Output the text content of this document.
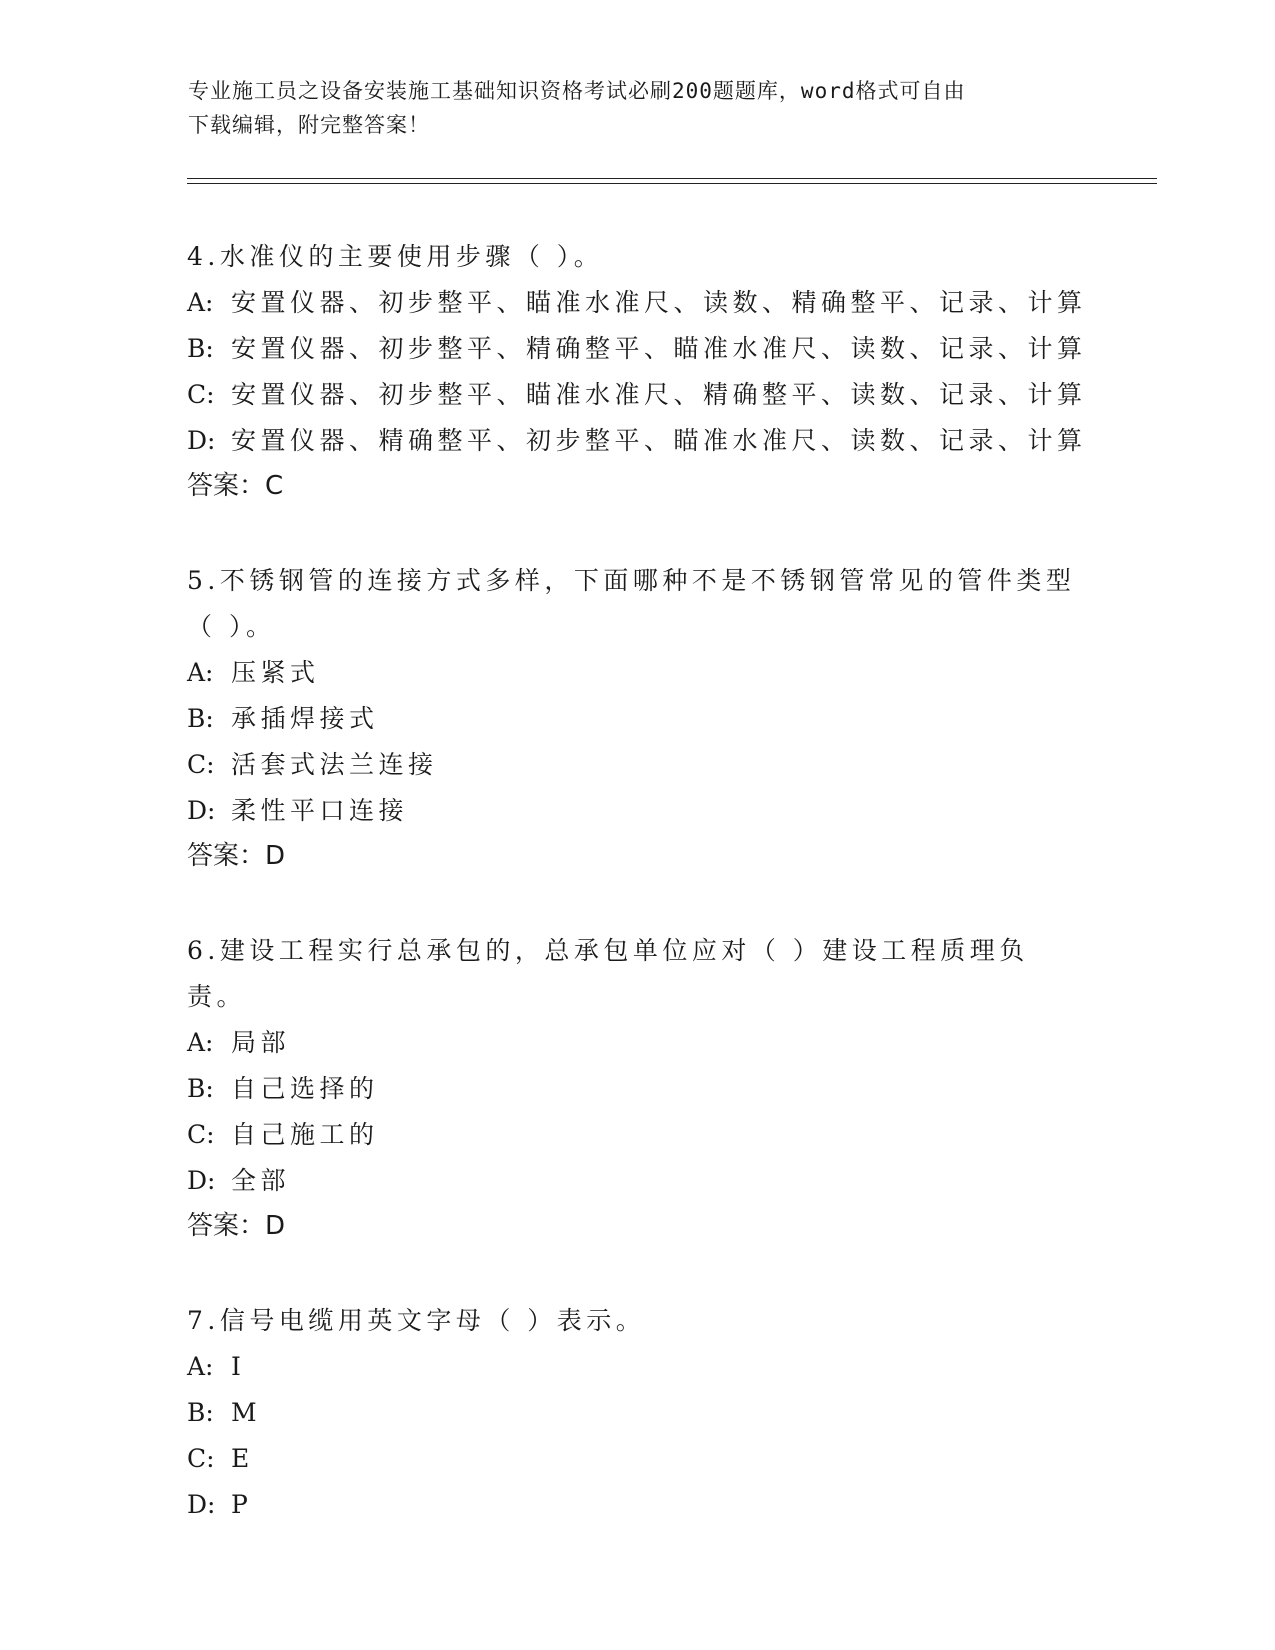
专业施工员之设备安装施工基础知识资格考试必刷200题题库，word格式可自由
下载编辑，附完整答案！
4.水准仪的主要使用步骤（ ）。
A: 安置仪器、初步整平、瞄准水准尺、读数、精确整平、记录、计算
B: 安置仪器、初步整平、精确整平、瞄准水准尺、读数、记录、计算
C: 安置仪器、初步整平、瞄准水准尺、精确整平、读数、记录、计算
D: 安置仪器、精确整平、初步整平、瞄准水准尺、读数、记录、计算
答案：C
5.不锈钢管的连接方式多样，下面哪种不是不锈钢管常见的管件类型
（ ）。
A: 压紧式
B: 承插焊接式
C: 活套式法兰连接
D: 柔性平口连接
答案：D
6.建设工程实行总承包的，总承包单位应对（ ）建设工程质理负责。
A: 局部
B: 自己选择的
C: 自己施工的
D: 全部
答案：D
7.信号电缆用英文字母（ ）表示。
A: I
B: M
C: E
D: P
